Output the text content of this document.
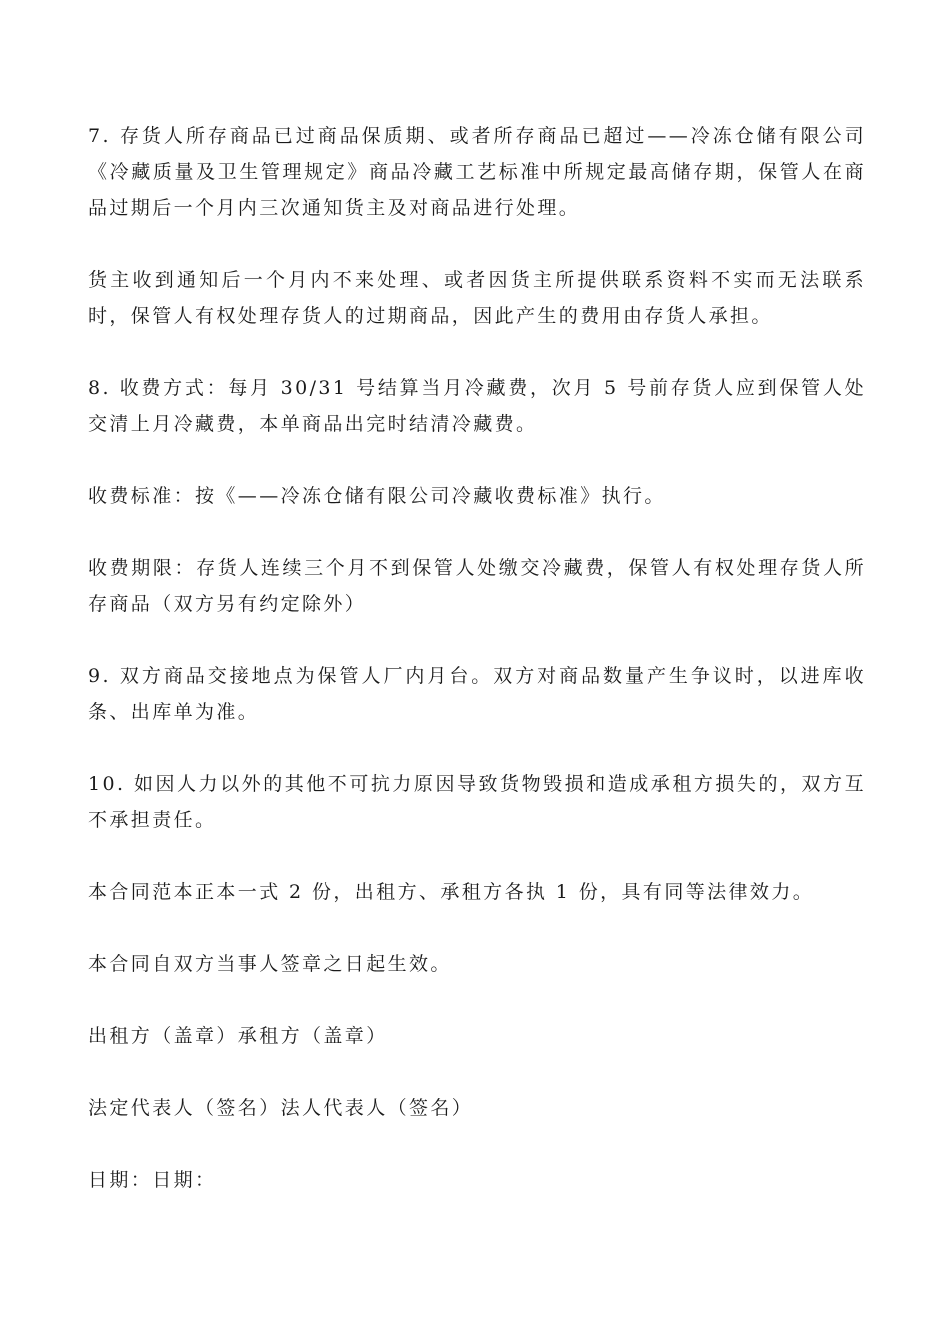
7. 存货人所存商品已过商品保质期、或者所存商品已超过——冷冻仓储有限公司《冷藏质量及卫生管理规定》商品冷藏工艺标准中所规定最高储存期，保管人在商品过期后一个月内三次通知货主及对商品进行处理。

货主收到通知后一个月内不来处理、或者因货主所提供联系资料不实而无法联系时，保管人有权处理存货人的过期商品，因此产生的费用由存货人承担。

8. 收费方式：每月 30/31 号结算当月冷藏费，次月 5 号前存货人应到保管人处交清上月冷藏费，本单商品出完时结清冷藏费。

收费标准：按《——冷冻仓储有限公司冷藏收费标准》执行。

收费期限：存货人连续三个月不到保管人处缴交冷藏费，保管人有权处理存货人所存商品（双方另有约定除外）

9. 双方商品交接地点为保管人厂内月台。双方对商品数量产生争议时，以进库收条、出库单为准。

10. 如因人力以外的其他不可抗力原因导致货物毁损和造成承租方损失的，双方互不承担责任。

本合同范本正本一式 2 份，出租方、承租方各执 1 份，具有同等法律效力。

本合同自双方当事人签章之日起生效。

出租方（盖章）承租方（盖章）

法定代表人（签名）法人代表人（签名）

日期：日期：
